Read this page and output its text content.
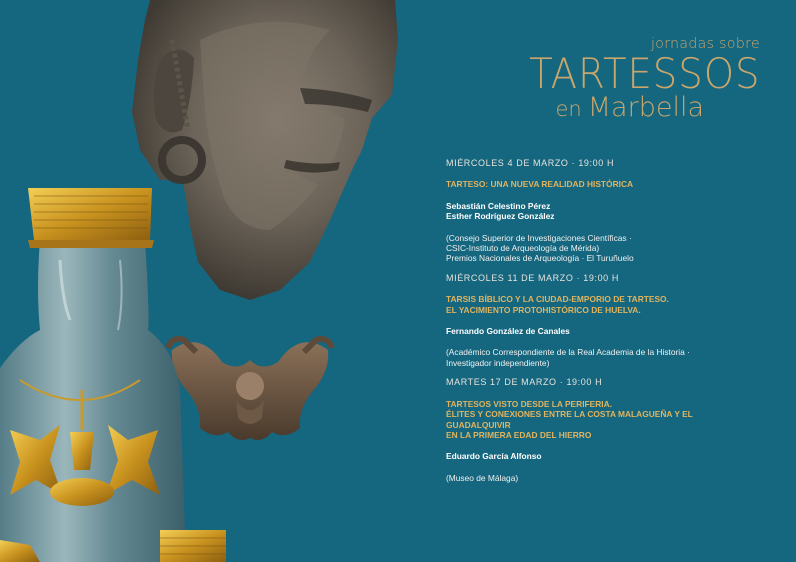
jornadas sobre
TARTESSOS
en Marbella
MIÉRCOLES 4 DE MARZO · 19:00 H
TARTESO: UNA NUEVA REALIDAD HISTÓRICA
Sebastián Celestino Pérez
Esther Rodríguez González
(Consejo Superior de Investigaciones Científicas ·
CSIC-Instituto de Arqueología de Mérida)
Premios Nacionales de Arqueología · El Turuñuelo
MIÉRCOLES 11 DE MARZO · 19:00 H
TARSIS BÍBLICO Y LA CIUDAD-EMPORIO DE TARTESO.
EL YACIMIENTO PROTOHISTÓRICO DE HUELVA.
Fernando González de Canales
(Académico Correspondiente de la Real Academia de la Historia ·
Investigador independiente)
MARTES 17 DE MARZO · 19:00 H
TARTESOS VISTO DESDE LA PERIFERIA.
ÉLITES Y CONEXIONES ENTRE LA COSTA MALAGUEÑA Y EL
GUADALQUIVIR
EN LA PRIMERA EDAD DEL HIERRO
Eduardo García Alfonso
(Museo de Málaga)
